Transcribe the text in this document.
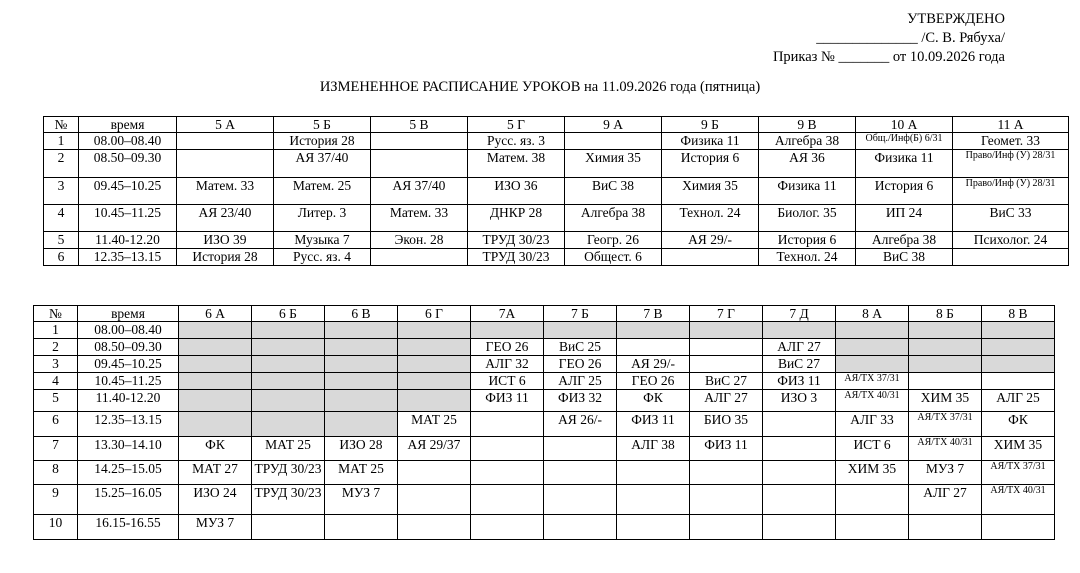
УТВЕРЖДЕНО
______________ /С. В. Рябуха/
Приказ № _______ от 10.09.2026 года
ИЗМЕНЕННОЕ РАСПИСАНИЕ УРОКОВ на 11.09.2026 года (пятница)
№	время	5 А	5 Б	5 В	5 Г	9 А	9 Б	9 В	10 А	11 А
1	08.00–08.40		История 28		Русс. яз. 3		Физика 11	Алгебра 38	Общ./Инф(Б) 6/31	Геомет. 33
2	08.50–09.30		АЯ 37/40		Матем. 38	Химия 35	История 6	АЯ 36	Физика 11	Право/Инф (У) 28/31
3	09.45–10.25	Матем. 33	Матем. 25	АЯ 37/40	ИЗО 36	ВиС 38	Химия 35	Физика 11	История 6	Право/Инф (У) 28/31
4	10.45–11.25	АЯ 23/40	Литер. 3	Матем. 33	ДНКР 28	Алгебра 38	Технол. 24	Биолог. 35	ИП 24	ВиС 33
5	11.40-12.20	ИЗО 39	Музыка 7	Экон. 28	ТРУД 30/23	Геогр. 26	АЯ 29/-	История 6	Алгебра 38	Психолог. 24
6	12.35–13.15	История 28	Русс. яз. 4		ТРУД 30/23	Общест. 6		Технол. 24	ВиС 38	
№	время	6 А	6 Б	6 В	6 Г	7А	7 Б	7 В	7 Г	7 Д	8 А	8 Б	8 В
1	08.00–08.40												
2	08.50–09.30					ГЕО 26	ВиС 25			АЛГ 27			
3	09.45–10.25					АЛГ 32	ГЕО 26	АЯ 29/-		ВиС 27			
4	10.45–11.25					ИСТ 6	АЛГ 25	ГЕО 26	ВиС 27	ФИЗ 11	АЯ/ТХ 37/31		
5	11.40-12.20					ФИЗ 11	ФИЗ 32	ФК	АЛГ 27	ИЗО 3	АЯ/ТХ 40/31	ХИМ 35	АЛГ 25
6	12.35–13.15				МАТ 25		АЯ 26/-	ФИЗ 11	БИО 35		АЛГ 33	АЯ/ТХ 37/31	ФК
7	13.30–14.10	ФК	МАТ 25	ИЗО 28	АЯ 29/37			АЛГ 38	ФИЗ 11		ИСТ 6	АЯ/ТХ 40/31	ХИМ 35
8	14.25–15.05	МАТ 27	ТРУД 30/23	МАТ 25							ХИМ 35	МУЗ 7	АЯ/ТХ 37/31
9	15.25–16.05	ИЗО 24	ТРУД 30/23	МУЗ 7								АЛГ 27	АЯ/ТХ 40/31
10	16.15-16.55	МУЗ 7											
